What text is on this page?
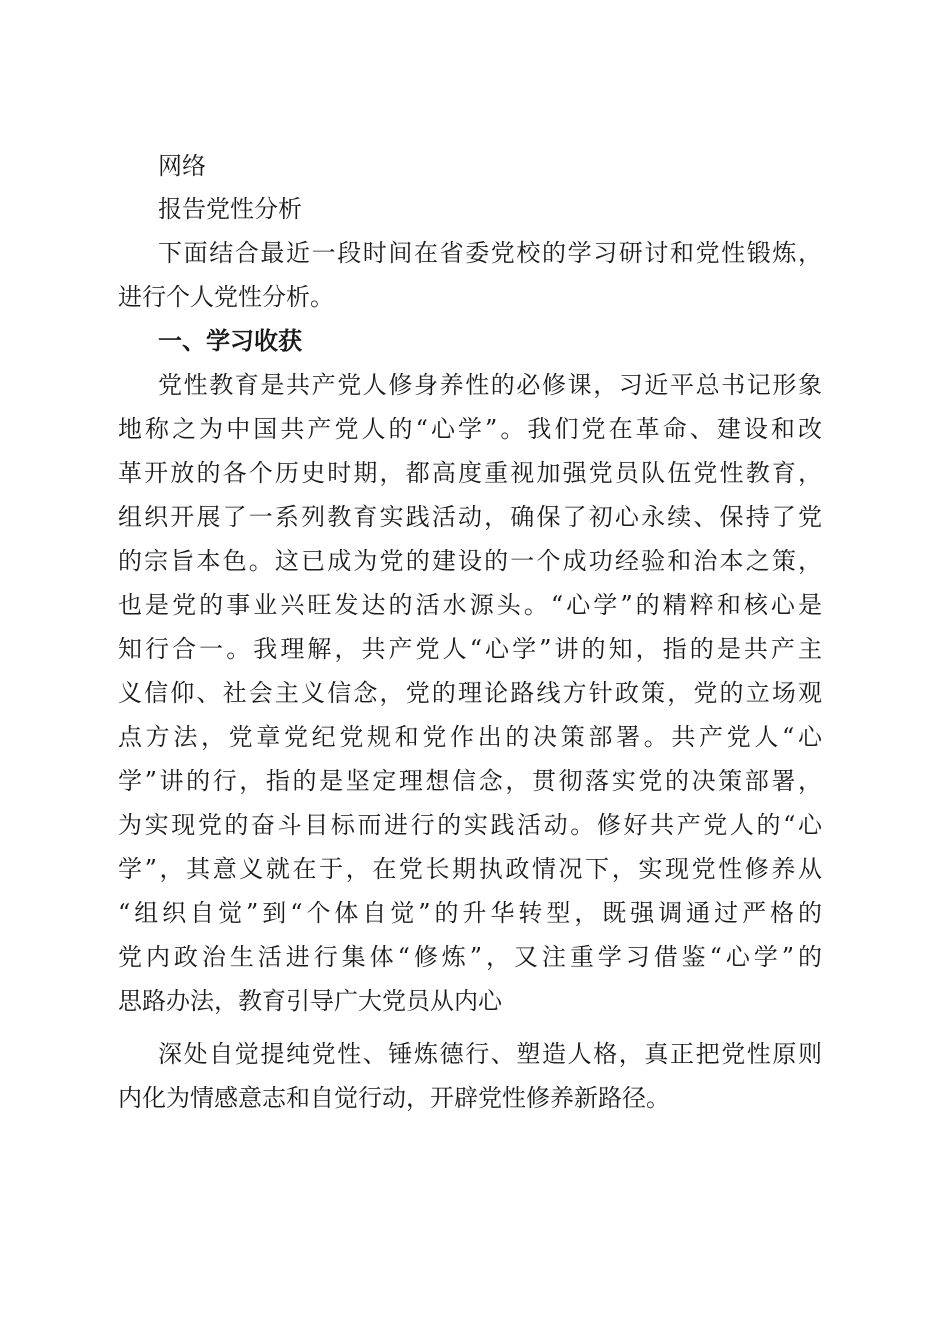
网络
报告党性分析
下面结合最近一段时间在省委党校的学习研讨和党性锻炼，
进行个人党性分析。
一、学习收获
党性教育是共产党人修身养性的必修课，习近平总书记形象
地称之为中国共产党人的“心学”。我们党在革命、建设和改
革开放的各个历史时期，都高度重视加强党员队伍党性教育，
组织开展了一系列教育实践活动，确保了初心永续、保持了党
的宗旨本色。这已成为党的建设的一个成功经验和治本之策，
也是党的事业兴旺发达的活水源头。“心学”的精粹和核心是
知行合一。我理解，共产党人“心学”讲的知，指的是共产主
义信仰、社会主义信念，党的理论路线方针政策，党的立场观
点方法，党章党纪党规和党作出的决策部署。共产党人“心
学”讲的行，指的是坚定理想信念，贯彻落实党的决策部署，
为实现党的奋斗目标而进行的实践活动。修好共产党人的“心
学”，其意义就在于，在党长期执政情况下，实现党性修养从
“组织自觉”到“个体自觉”的升华转型，既强调通过严格的
党内政治生活进行集体“修炼”，又注重学习借鉴“心学”的
思路办法，教育引导广大党员从内心
深处自觉提纯党性、锤炼德行、塑造人格，真正把党性原则
内化为情感意志和自觉行动，开辟党性修养新路径。
